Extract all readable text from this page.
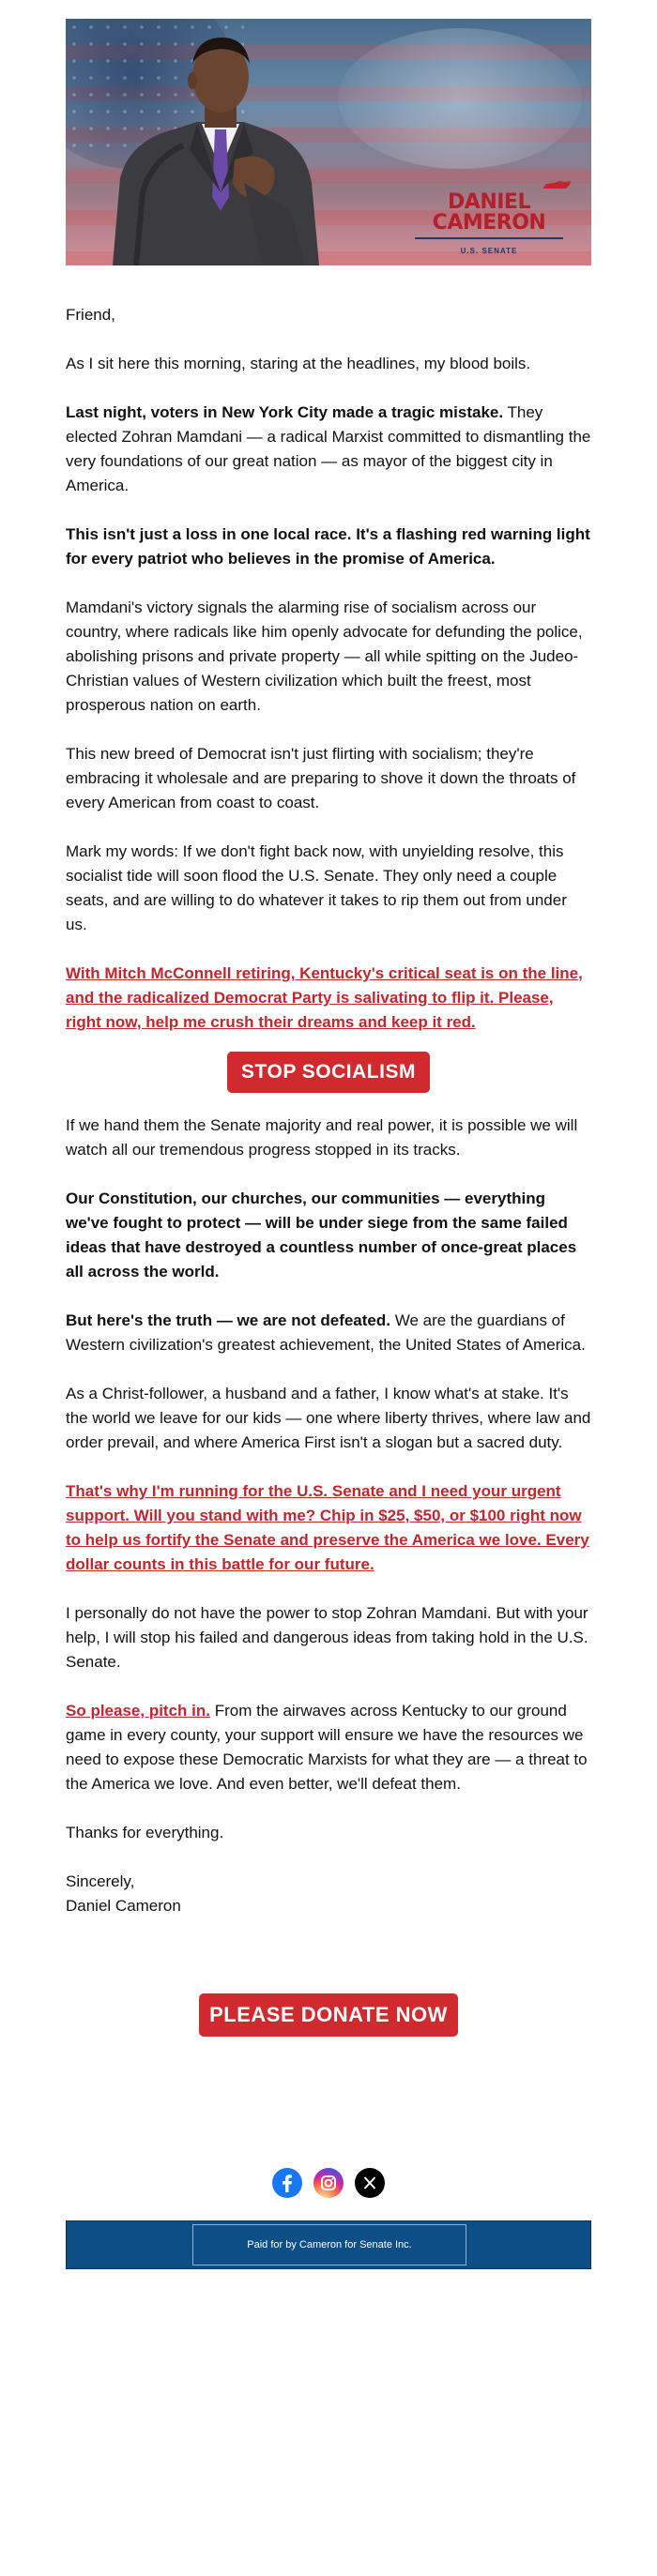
DANIEL CAMERON
U.S. SENATE

Friend,

As I sit here this morning, staring at the headlines, my blood boils.

Last night, voters in New York City made a tragic mistake. They elected Zohran Mamdani — a radical Marxist committed to dismantling the very foundations of our great nation — as mayor of the biggest city in America.

This isn't just a loss in one local race. It's a flashing red warning light for every patriot who believes in the promise of America.

Mamdani's victory signals the alarming rise of socialism across our country, where radicals like him openly advocate for defunding the police, abolishing prisons and private property — all while spitting on the Judeo-Christian values of Western civilization which built the freest, most prosperous nation on earth.

This new breed of Democrat isn't just flirting with socialism; they're embracing it wholesale and are preparing to shove it down the throats of every American from coast to coast.

Mark my words: If we don't fight back now, with unyielding resolve, this socialist tide will soon flood the U.S. Senate. They only need a couple seats, and are willing to do whatever it takes to rip them out from under us.

With Mitch McConnell retiring, Kentucky's critical seat is on the line, and the radicalized Democrat Party is salivating to flip it. Please, right now, help me crush their dreams and keep it red.

STOP SOCIALISM

If we hand them the Senate majority and real power, it is possible we will watch all our tremendous progress stopped in its tracks.

Our Constitution, our churches, our communities — everything we've fought to protect — will be under siege from the same failed ideas that have destroyed a countless number of once-great places all across the world.

But here's the truth — we are not defeated. We are the guardians of Western civilization's greatest achievement, the United States of America.

As a Christ-follower, a husband and a father, I know what's at stake. It's the world we leave for our kids — one where liberty thrives, where law and order prevail, and where America First isn't a slogan but a sacred duty.

That's why I'm running for the U.S. Senate and I need your urgent support. Will you stand with me? Chip in $25, $50, or $100 right now to help us fortify the Senate and preserve the America we love. Every dollar counts in this battle for our future.

I personally do not have the power to stop Zohran Mamdani. But with your help, I will stop his failed and dangerous ideas from taking hold in the U.S. Senate.

So please, pitch in. From the airwaves across Kentucky to our ground game in every county, your support will ensure we have the resources we need to expose these Democratic Marxists for what they are — a threat to the America we love. And even better, we'll defeat them.

Thanks for everything.

Sincerely,

Daniel Cameron

PLEASE DONATE NOW

Paid for by Cameron for Senate Inc.
